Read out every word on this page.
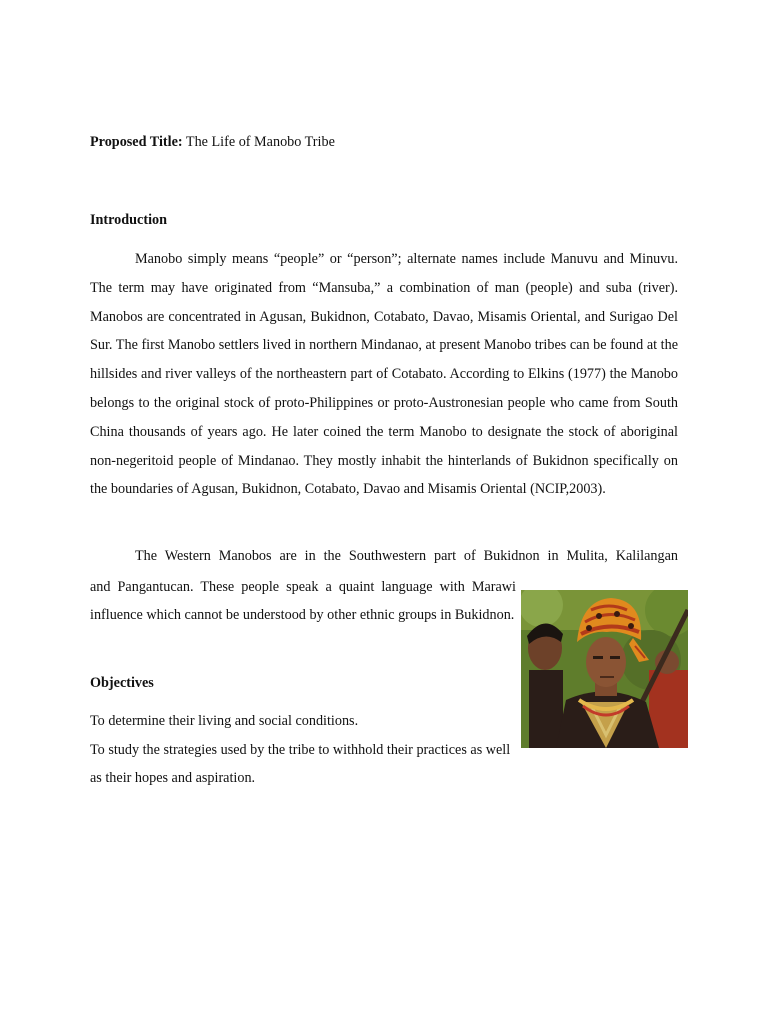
Proposed Title: The Life of Manobo Tribe
Introduction

Manobo simply means “people” or “person”; alternate names include Manuvu and Minuvu. The term may have originated from “Mansuba,” a combination of man (people) and suba (river). Manobos are concentrated in Agusan, Bukidnon, Cotabato, Davao, Misamis Oriental, and Surigao Del Sur. The first Manobo settlers lived in northern Mindanao, at present Manobo tribes can be found at the hillsides and river valleys of the northeastern part of Cotabato. According to Elkins (1977) the Manobo belongs to the original stock of proto-Philippines or proto-Austronesian people who came from South China thousands of years ago. He later coined the term Manobo to designate the stock of aboriginal non-negeritoid people of Mindanao. They mostly inhabit the hinterlands of Bukidnon specifically on the boundaries of Agusan, Bukidnon, Cotabato, Davao and Misamis Oriental (NCIP,2003).

The Western Manobos are in the Southwestern part of Bukidnon in Mulita, Kalilangan

and Pangantucan. These people speak a quaint language with Marawi influence which cannot be understood by other ethnic groups in Bukidnon.

Objectives

To determine their living and social conditions.

To study the strategies used by the tribe to withhold their practices as well as their hopes and aspiration.
